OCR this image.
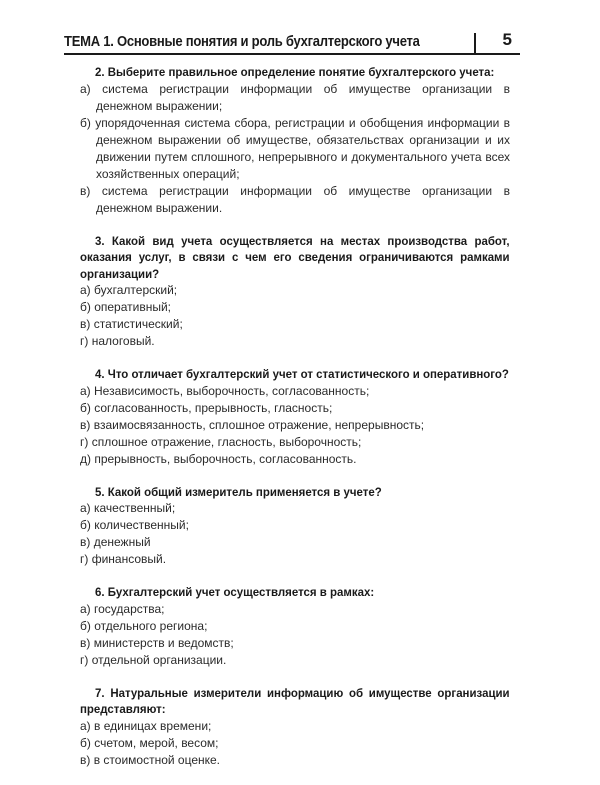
ТЕМА 1. Основные понятия и роль бухгалтерского учета	5
2. Выберите правильное определение понятие бухгалтерского учета:
а) система регистрации информации об имуществе организации в денежном выражении;
б) упорядоченная система сбора, регистрации и обобщения информации в денежном выражении об имуществе, обязательствах организации и их движении путем сплошного, непрерывного и документального учета всех хозяйственных операций;
в) система регистрации информации об имуществе организации в денежном выражении.
3. Какой вид учета осуществляется на местах производства работ, оказания услуг, в связи с чем его сведения ограничиваются рамками организации?
а) бухгалтерский;
б) оперативный;
в) статистический;
г) налоговый.
4. Что отличает бухгалтерский учет от статистического и оперативного?
а) Независимость, выборочность, согласованность;
б) согласованность, прерывность, гласность;
в) взаимосвязанность, сплошное отражение, непрерывность;
г) сплошное отражение, гласность, выборочность;
д) прерывность, выборочность, согласованность.
5. Какой общий измеритель применяется в учете?
а) качественный;
б) количественный;
в) денежный
г) финансовый.
6. Бухгалтерский учет осуществляется в рамках:
а) государства;
б) отдельного региона;
в) министерств и ведомств;
г) отдельной организации.
7. Натуральные измерители информацию об имуществе организации представляют:
а) в единицах времени;
б) счетом, мерой, весом;
в) в стоимостной оценке.
